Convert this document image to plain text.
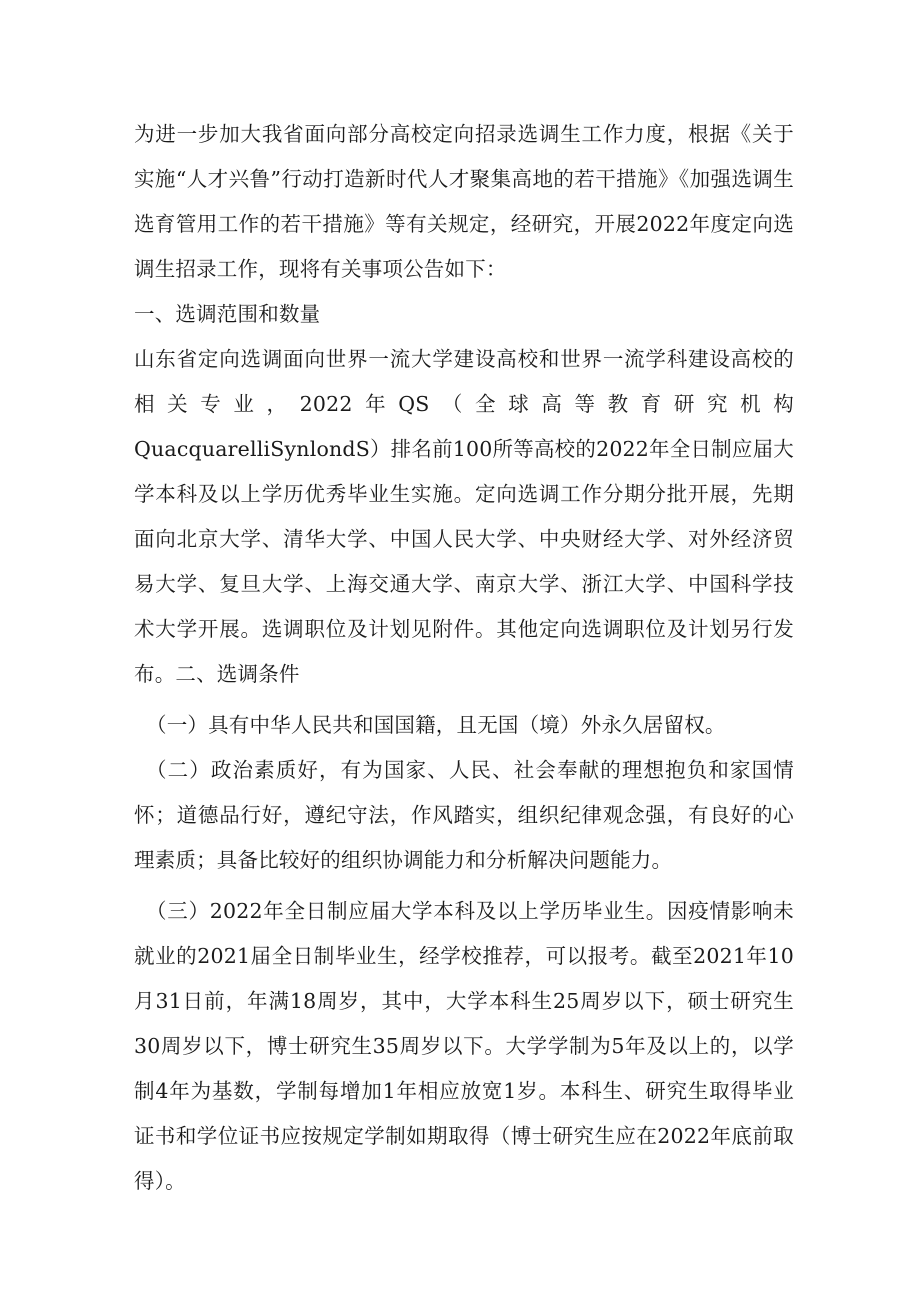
为进一步加大我省面向部分高校定向招录选调生工作力度，根据《关于实施“人才兴鲁”行动打造新时代人才聚集高地的若干措施》《加强选调生选育管用工作的若干措施》等有关规定，经研究，开展2022年度定向选调生招录工作，现将有关事项公告如下：

一、选调范围和数量

山东省定向选调面向世界一流大学建设高校和世界一流学科建设高校的相关专业，2022年QS（全球高等教育研究机构QuacquarelliSynlondS）排名前100所等高校的2022年全日制应届大学本科及以上学历优秀毕业生实施。定向选调工作分期分批开展，先期面向北京大学、清华大学、中国人民大学、中央财经大学、对外经济贸易大学、复旦大学、上海交通大学、南京大学、浙江大学、中国科学技术大学开展。选调职位及计划见附件。其他定向选调职位及计划另行发布。二、选调条件

（一）具有中华人民共和国国籍，且无国（境）外永久居留权。

（二）政治素质好，有为国家、人民、社会奉献的理想抱负和家国情怀；道德品行好，遵纪守法，作风踏实，组织纪律观念强，有良好的心理素质；具备比较好的组织协调能力和分析解决问题能力。

（三）2022年全日制应届大学本科及以上学历毕业生。因疫情影响未就业的2021届全日制毕业生，经学校推荐，可以报考。截至2021年10月31日前，年满18周岁，其中，大学本科生25周岁以下，硕士研究生30周岁以下，博士研究生35周岁以下。大学学制为5年及以上的，以学制4年为基数，学制每增加1年相应放宽1岁。本科生、研究生取得毕业证书和学位证书应按规定学制如期取得（博士研究生应在2022年底前取得）。
